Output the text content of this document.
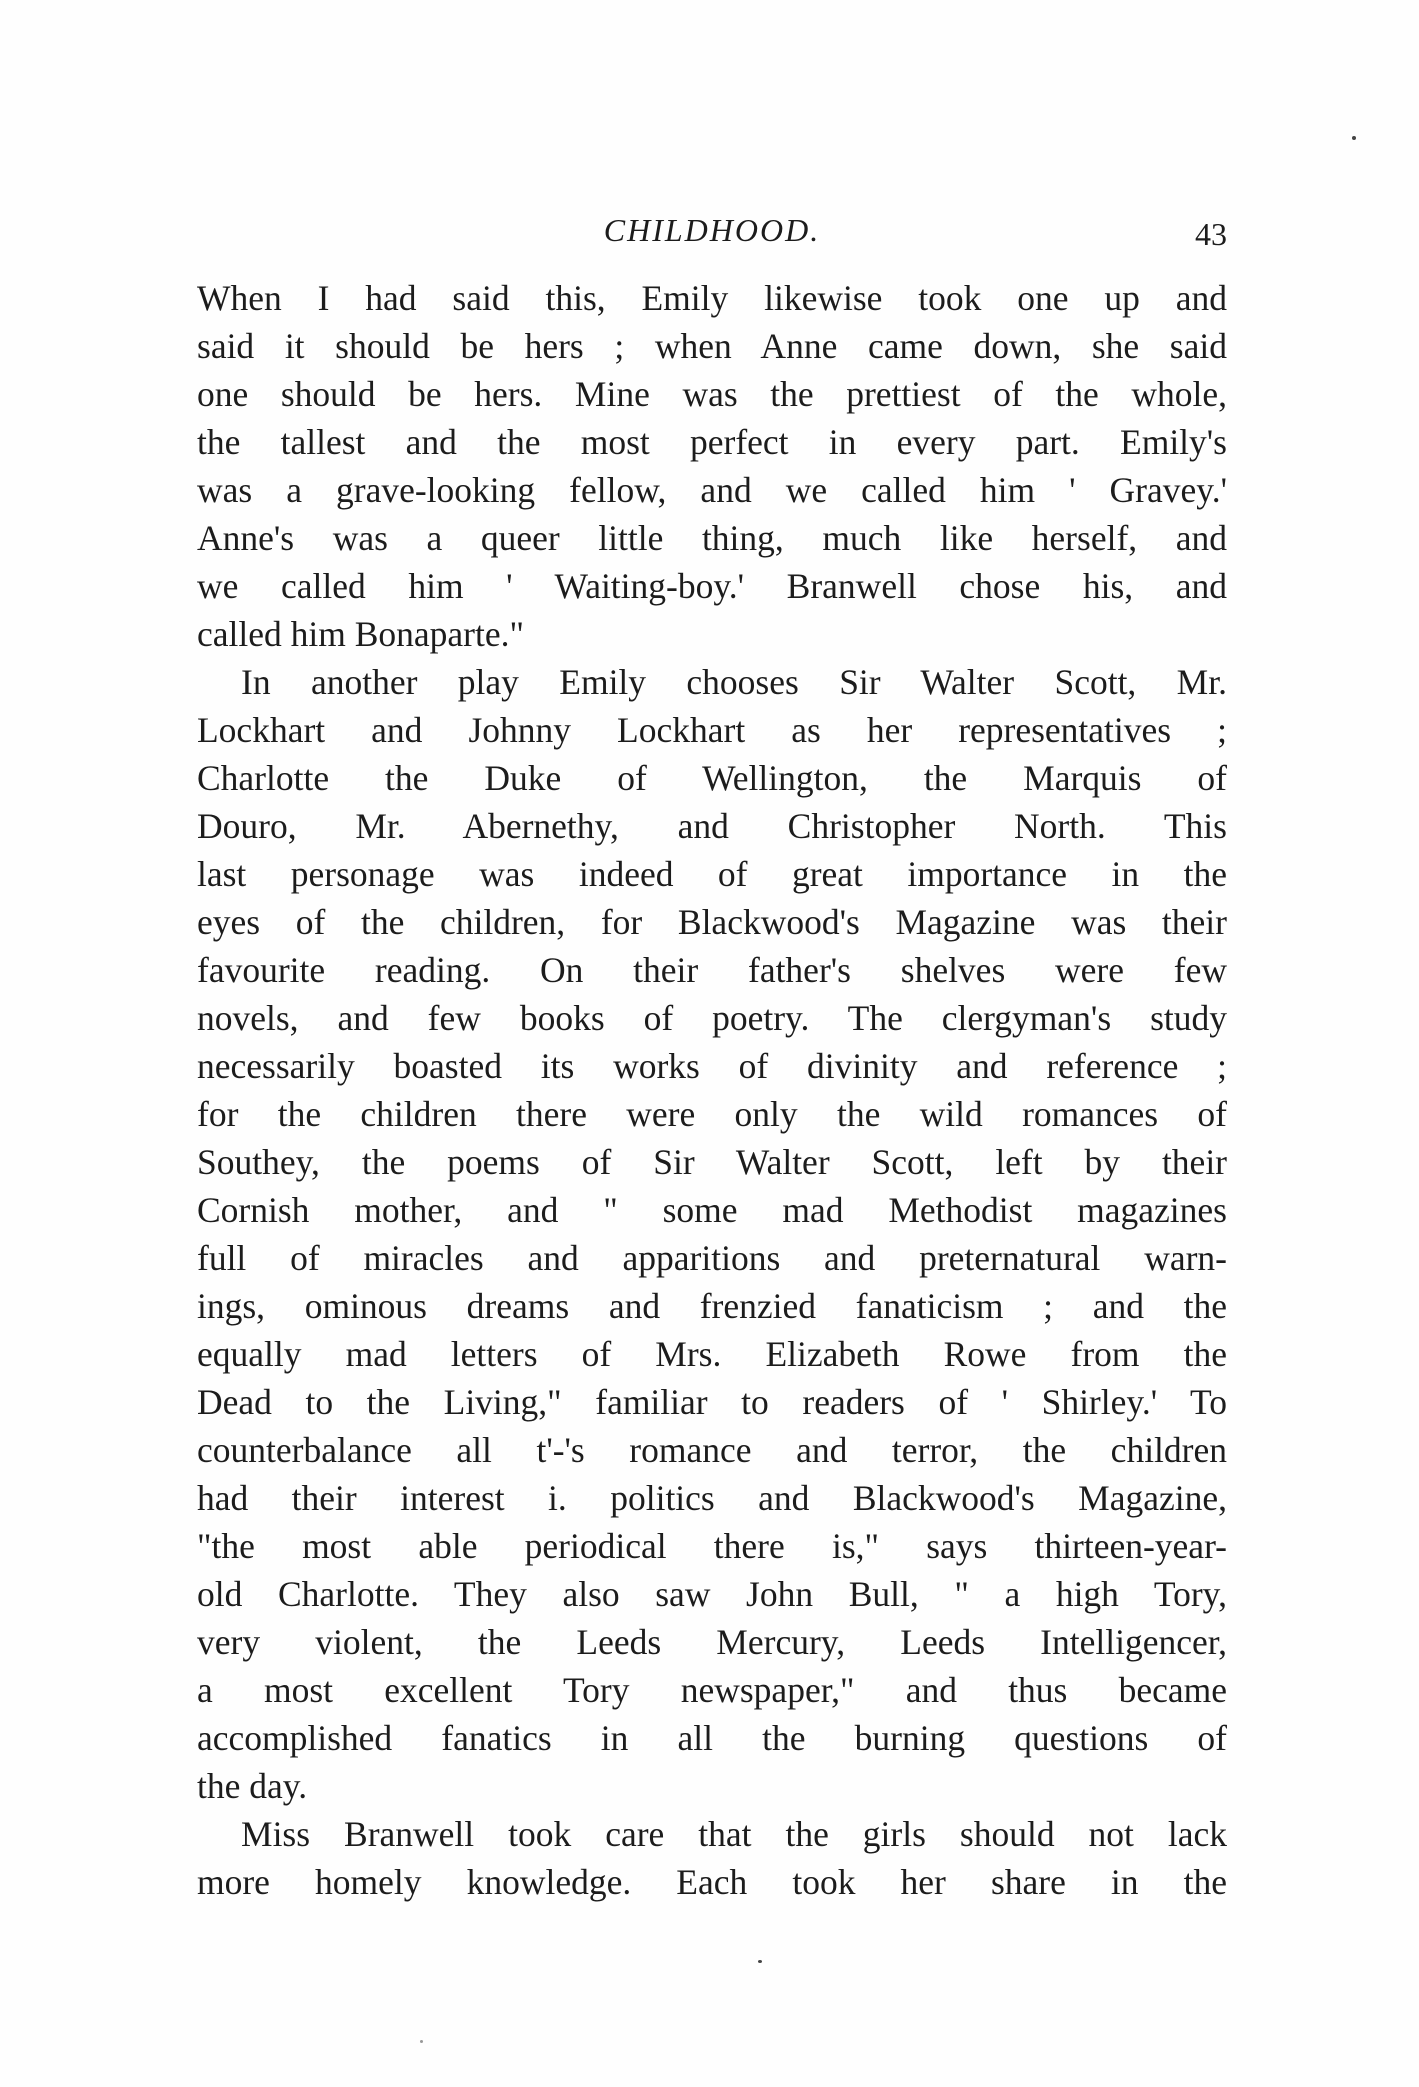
CHILDHOOD.	43
When I had said this, Emily likewise took one up and
said it should be hers ; when Anne came down, she said
one should be hers. Mine was the prettiest of the whole,
the tallest and the most perfect in every part. Emily's
was a grave-looking fellow, and we called him ' Gravey.'
Anne's was a queer little thing, much like herself, and
we called him ' Waiting-boy.' Branwell chose his, and
called him Bonaparte."
In another play Emily chooses Sir Walter Scott, Mr.
Lockhart and Johnny Lockhart as her representatives ;
Charlotte the Duke of Wellington, the Marquis of
Douro, Mr. Abernethy, and Christopher North. This
last personage was indeed of great importance in the
eyes of the children, for Blackwood's Magazine was their
favourite reading. On their father's shelves were few
novels, and few books of poetry. The clergyman's study
necessarily boasted its works of divinity and reference ;
for the children there were only the wild romances of
Southey, the poems of Sir Walter Scott, left by their
Cornish mother, and " some mad Methodist magazines
full of miracles and apparitions and preternatural warn-
ings, ominous dreams and frenzied fanaticism ; and the
equally mad letters of Mrs. Elizabeth Rowe from the
Dead to the Living," familiar to readers of ' Shirley.' To
counterbalance all t'-'s romance and terror, the children
had their interest i. politics and Blackwood's Magazine,
"the most able periodical there is," says thirteen-year-
old Charlotte. They also saw John Bull, " a high Tory,
very violent, the Leeds Mercury, Leeds Intelligencer,
a most excellent Tory newspaper," and thus became
accomplished fanatics in all the burning questions of
the day.
Miss Branwell took care that the girls should not lack
more homely knowledge. Each took her share in the
